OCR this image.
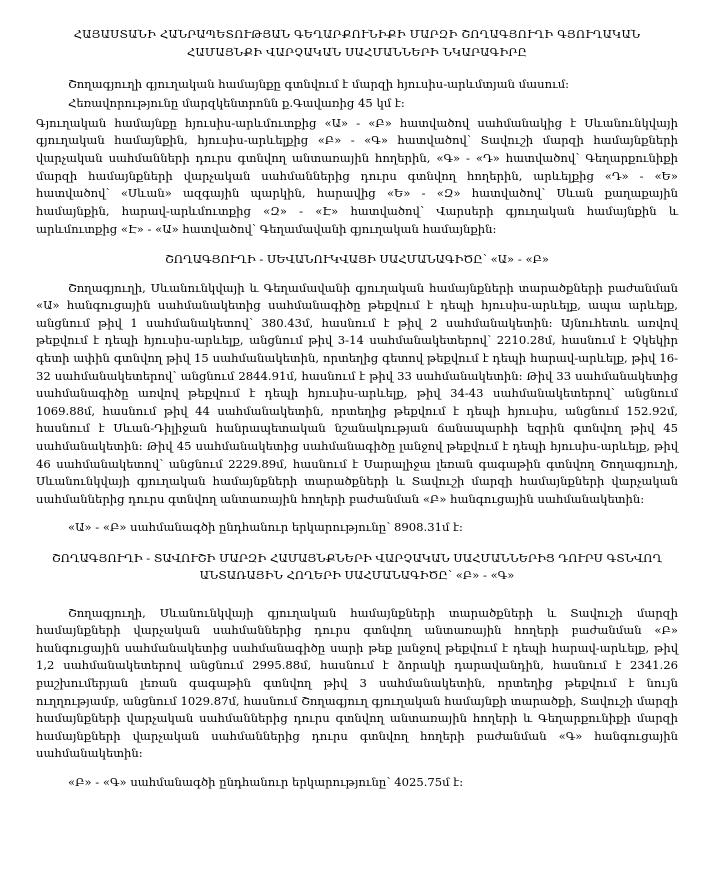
ՀԱՅԱՍՏԱՆԻ ՀԱՆՐԱՊԵՏՈՒԹՅԱՆ ԳԵՂԱՐՔՈՒՆԻՔԻ ՄԱՐԶԻ ՇՈՂԱԳՅՈՒՂԻ ԳՅՈՒՂԱԿԱՆ
ՀԱՄԱՅՆՔԻ ՎԱՐՉԱԿԱՆ ՍԱՀՄԱՆՆԵՐԻ ՆԿԱՐԱԳԻՐԸ

Շողագյուղի գյուղական համայնքը գտնվում է մարզի հյուսիս-արևմտյան մասում:

Հեռավորությունը մարզկենտրոնն ք.Գավառից 45 կմ է:

Գյուղական համայնքը հյուսիս-արևմուտքից «Ա» - «Բ» հատվածով սահմանակից է Սևանունկվայի գյուղական համայնքին, հյուսիս-արևելքից «Բ» - «Գ» հատվածով՝ Տավուշի մարզի համայնքների վարչական սահմանների դուրս գտնվող անտառային հողերին, «Գ» - «Դ» հատվածով՝ Գեղարքունիքի մարզի համայնքների վարչական սահմաններից դուրս գտնվող հողերին, արևելքից «Դ» - «Ե» հատվածով՝ «Սևան» ազգային պարկին, հարավից «Ե» - «Զ» հատվածով՝ Սևան քաղաքային համայնքին, հարավ-արևմուտքից «Զ» - «Է» հատվածով՝ Վարսերի գյուղական համայնքին և արևմուտքից «Է» - «Ա» հատվածով՝ Գեղամավանի գյուղական համայնքին:

ՇՈՂԱԳՅՈՒՂԻ - ՍԵՎԱՆՈՒԿՎԱՅԻ ՍԱՀՄԱՆԱԳԻԾԸ՝ «Ա» - «Բ»

Շողագյուղի, Սևանունկվայի և Գեղամավանի գյուղական համայնքների տարածքների բաժանման «Ա» հանգուցային սահմանակետից սահմանագիծը թեքվում է դեպի հյուսիս-արևելք, ապա արևելք, անցնում թիվ 1 սահմանակետով՝ 380.43մ, հասնում է թիվ 2 սահմանակետին: Այնուհետև առվով թեքվում է դեպի հյուսիս-արևելք, անցնում թիվ 3-14 սահմանակետերով՝ 2210.28մ, հասնում է Չկեկիր գետի ափին գտնվող թիվ 15 սահմանակետին, որտեղից գետով թեքվում է դեպի հարավ-արևելք, թիվ 16-32 սահմանակետերով՝ անցնում 2844.91մ, հասնում է թիվ 33 սահմանակետին: Թիվ 33 սահմանակետից սահմանագիծը առվով թեքվում է դեպի հյուսիս-արևելք, թիվ 34-43 սահմանակետերով՝ անցնում 1069.88մ, հասնում թիվ 44 սահմանակետին, որտեղից թեքվում է դեպի հյուսիս, անցնում 152.92մ, հասնում է Սևան-Դիլիջան հանրապետական նշանակության ճանապարհի եզրին գտնվող թիվ 45 սահմանակետին: Թիվ 45 սահմանակետից սահմանագիծը լանջով թեքվում է դեպի հյուսիս-արևելք, թիվ 46 սահմանակետով՝ անցնում 2229.89մ, հասնում է Սարալիջա լեռան գագաթին գտնվող Շողագյուղի, Սևանունկվայի գյուղական համայնքների տարածքների և Տավուշի մարզի համայնքների վարչական սահմաններից դուրս գտնվող անտառային հողերի բաժանման «Բ» հանգուցային սահմանակետին:

«Ա» - «Բ» սահմանագծի ընդհանուր երկարությունը՝ 8908.31մ է:

ՇՈՂԱԳՅՈՒՂԻ - ՏԱՎՈՒՇԻ ՄԱՐԶԻ ՀԱՄԱՅՆՔՆԵՐԻ ՎԱՐՉԱԿԱՆ ՍԱՀՄԱՆՆԵՐԻՑ ԴՈՒՐՍ ԳՏՆՎՈՂ
ԱՆՏԱՌԱՅԻՆ ՀՈՂԵՐԻ ՍԱՀՄԱՆԱԳԻԾԸ՝ «Բ» - «Գ»

Շողագյուղի, Սևանունկվայի գյուղական համայնքների տարածքների և Տավուշի մարզի համայնքների վարչական սահմաններից դուրս գտնվող անտառային հողերի բաժանման «Բ» հանգուցային սահմանակետից սահմանագիծը սարի թեք լանջով թեքվում է դեպի հարավ-արևելք, թիվ 1,2 սահմանակետերով անցնում 2995.88մ, հասնում է ձորակի դարավանդին, հասնում է 2341.26 բաշխումերյան լեռան գագաթին գտնվող թիվ 3 սահմանակետին, որտեղից թեքվում է նույն ուղղությամբ, անցնում 1029.87մ, հասնում Շողագյուղ գյուղական համայնքի տարածքի, Տավուշի մարզի համայնքների վարչական սահմաններից դուրս գտնվող անտառային հողերի և Գեղարքունիքի մարզի համայնքների վարչական սահմաններից դուրս գտնվող հողերի բաժանման «Գ» հանգուցային սահմանակետին:

«Բ» - «Գ» սահմանագծի ընդհանուր երկարությունը՝ 4025.75մ է:
